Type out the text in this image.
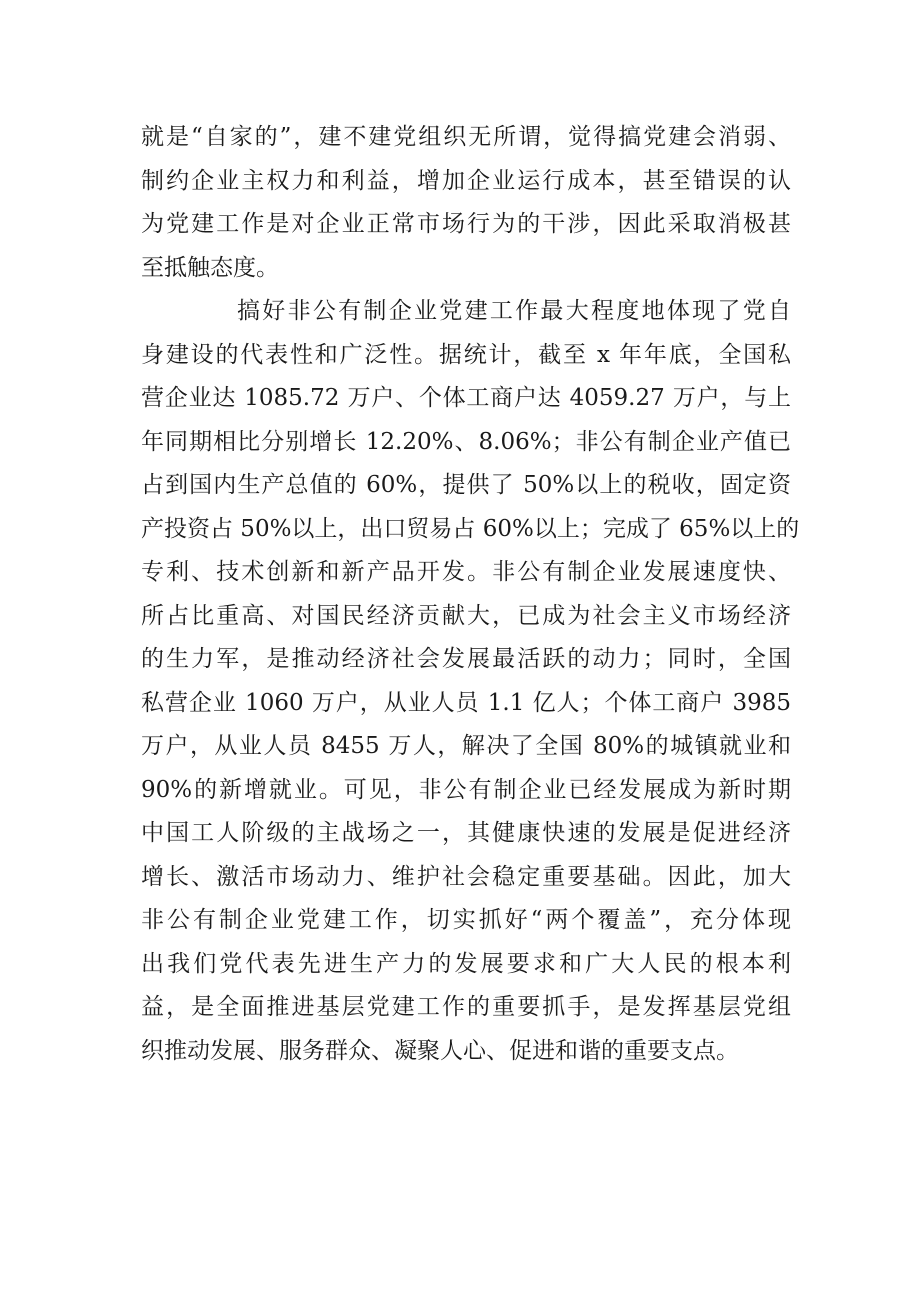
就是“自家的”，建不建党组织无所谓，觉得搞党建会消弱、
制约企业主权力和利益，增加企业运行成本，甚至错误的认
为党建工作是对企业正常市场行为的干涉，因此采取消极甚
至抵触态度。
搞好非公有制企业党建工作最大程度地体现了党自
身建设的代表性和广泛性。据统计，截至 x 年年底，全国私
营企业达 1085.72 万户、个体工商户达 4059.27 万户，与上
年同期相比分别增长 12.20%、8.06%；非公有制企业产值已
占到国内生产总值的 60%，提供了 50%以上的税收，固定资
产投资占 50%以上，出口贸易占 60%以上；完成了 65%以上的
专利、技术创新和新产品开发。非公有制企业发展速度快、
所占比重高、对国民经济贡献大，已成为社会主义市场经济
的生力军，是推动经济社会发展最活跃的动力；同时，全国
私营企业 1060 万户，从业人员 1.1 亿人；个体工商户 3985
万户，从业人员 8455 万人，解决了全国 80%的城镇就业和
90%的新增就业。可见，非公有制企业已经发展成为新时期
中国工人阶级的主战场之一，其健康快速的发展是促进经济
增长、激活市场动力、维护社会稳定重要基础。因此，加大
非公有制企业党建工作，切实抓好“两个覆盖”，充分体现
出我们党代表先进生产力的发展要求和广大人民的根本利
益，是全面推进基层党建工作的重要抓手，是发挥基层党组
织推动发展、服务群众、凝聚人心、促进和谐的重要支点。
